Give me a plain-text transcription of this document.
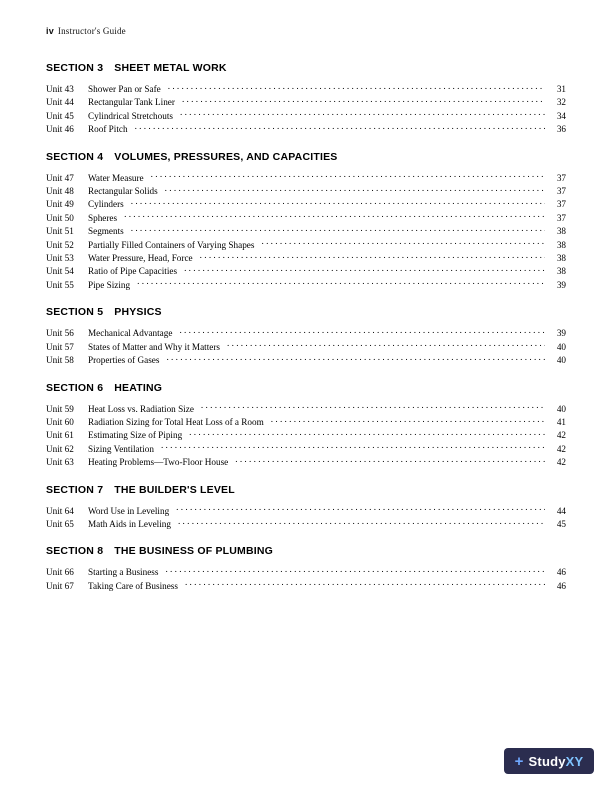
iv Instructor's Guide
SECTION 3 SHEET METAL WORK
Unit 43	Shower Pan or Safe . . .	31
Unit 44	Rectangular Tank Liner . . .	32
Unit 45	Cylindrical Stretchouts . . .	34
Unit 46	Roof Pitch . . .	36
SECTION 4 VOLUMES, PRESSURES, AND CAPACITIES
Unit 47	Water Measure . . .	37
Unit 48	Rectangular Solids . . .	37
Unit 49	Cylinders . . .	37
Unit 50	Spheres . . .	37
Unit 51	Segments . . .	38
Unit 52	Partially Filled Containers of Varying Shapes . . .	38
Unit 53	Water Pressure, Head, Force . . .	38
Unit 54	Ratio of Pipe Capacities . . .	38
Unit 55	Pipe Sizing . . .	39
SECTION 5 PHYSICS
Unit 56	Mechanical Advantage . . .	39
Unit 57	States of Matter and Why it Matters . . .	40
Unit 58	Properties of Gases . . .	40
SECTION 6 HEATING
Unit 59	Heat Loss vs. Radiation Size . . .	40
Unit 60	Radiation Sizing for Total Heat Loss of a Room . . .	41
Unit 61	Estimating Size of Piping . . .	42
Unit 62	Sizing Ventilation . . .	42
Unit 63	Heating Problems—Two-Floor House . . .	42
SECTION 7 THE BUILDER'S LEVEL
Unit 64	Word Use in Leveling . . .	44
Unit 65	Math Aids in Leveling . . .	45
SECTION 8 THE BUSINESS OF PLUMBING
Unit 66	Starting a Business . . .	46
Unit 67	Taking Care of Business . . .	46
+ Study XY
